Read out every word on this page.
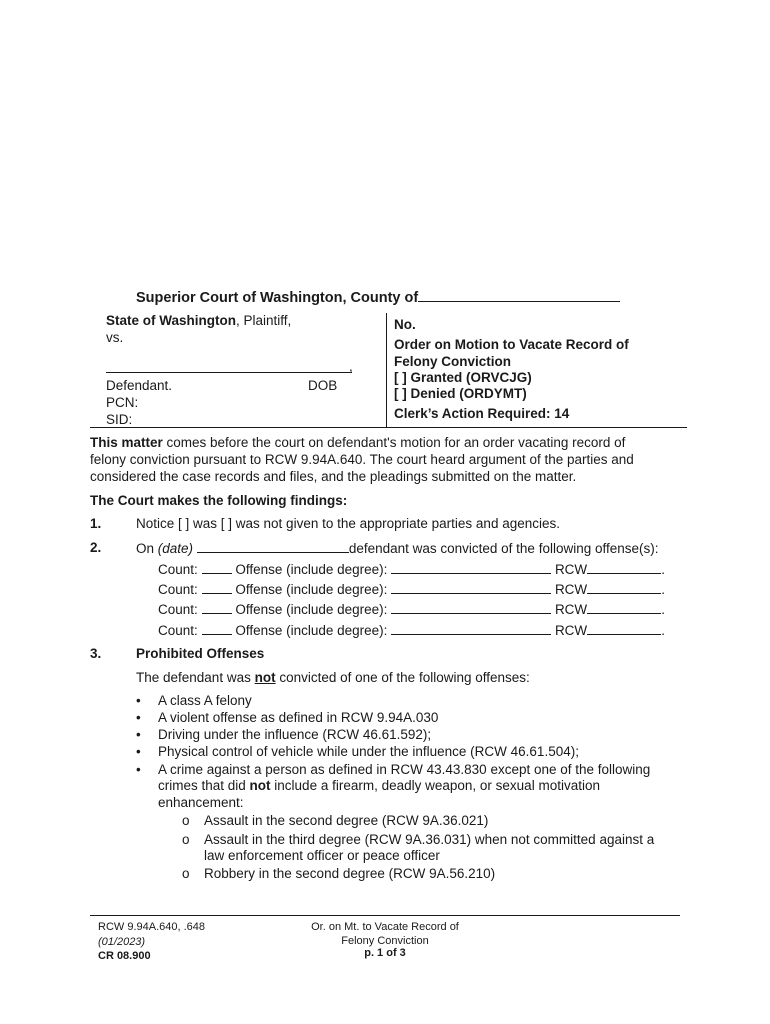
Superior Court of Washington, County of
State of Washington, Plaintiff,
vs.
,
Defendant.	DOB
PCN:
SID:
No.
Order on Motion to Vacate Record of
Felony Conviction
[ ] Granted (ORVCJG)
[ ] Denied (ORDYMT)
Clerk’s Action Required: 14
This matter comes before the court on defendant's motion for an order vacating record of
felony conviction pursuant to RCW 9.94A.640. The court heard argument of the parties and
considered the case records and files, and the pleadings submitted on the matter.
The Court makes the following findings:
1.	Notice [ ] was [ ] was not given to the appropriate parties and agencies.
2.	On (date)	defendant was convicted of the following offense(s):
Count:	Offense (include degree):	RCW	.
Count:	Offense (include degree):	RCW	.
Count:	Offense (include degree):	RCW	.
Count:	Offense (include degree):	RCW	.
3.	Prohibited Offenses
The defendant was not convicted of one of the following offenses:
• A class A felony
• A violent offense as defined in RCW 9.94A.030
• Driving under the influence (RCW 46.61.592);
• Physical control of vehicle while under the influence (RCW 46.61.504);
• A crime against a person as defined in RCW 43.43.830 except one of the following
crimes that did not include a firearm, deadly weapon, or sexual motivation
enhancement:
o Assault in the second degree (RCW 9A.36.021)
o Assault in the third degree (RCW 9A.36.031) when not committed against a
law enforcement officer or peace officer
o Robbery in the second degree (RCW 9A.56.210)
RCW 9.94A.640, .648
(01/2023)
CR 08.900
Or. on Mt. to Vacate Record of
Felony Conviction
p. 1 of 3
